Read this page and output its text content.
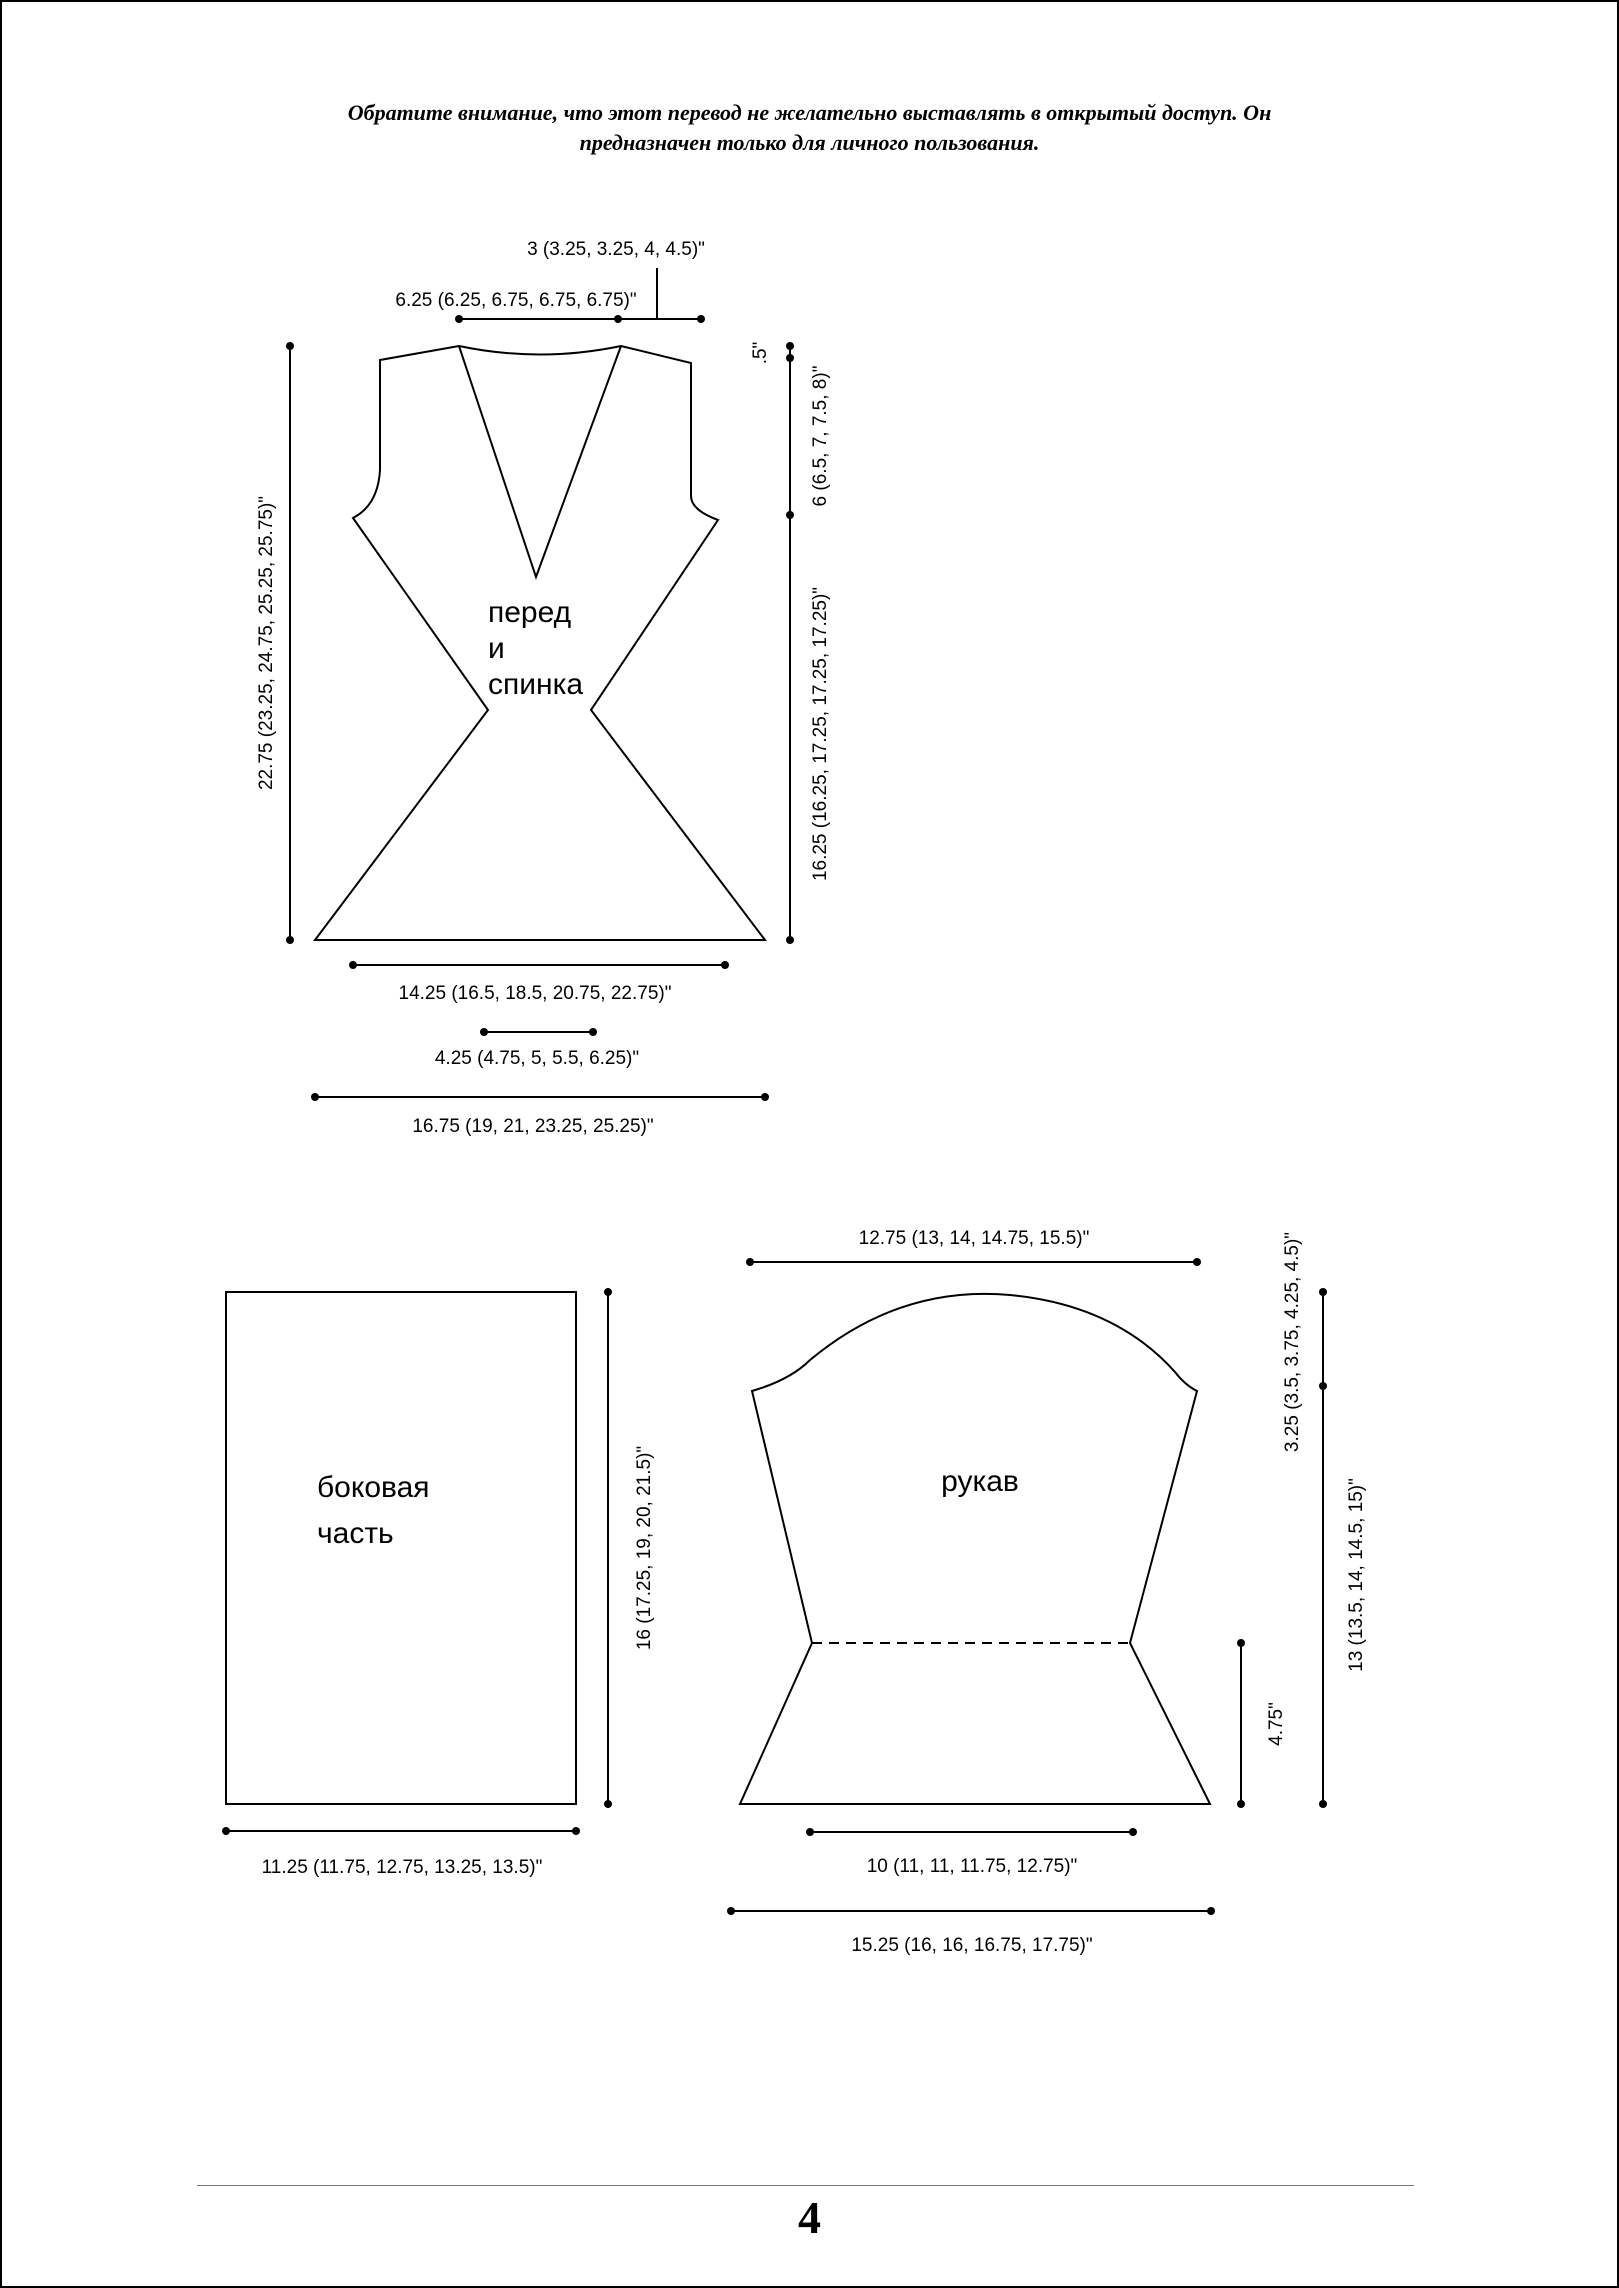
Обратите внимание, что этот перевод не желательно выставлять в открытый доступ. Он
предназначен только для личного пользования.
3 (3.25, 3.25, 4, 4.5)"
6.25 (6.25, 6.75, 6.75, 6.75)"
22.75 (23.25, 24.75, 25.25, 25.75)"
.5"
6 (6.5, 7, 7.5, 8)"
16.25 (16.25, 17.25, 17.25, 17.25)"
14.25 (16.5, 18.5, 20.75, 22.75)"
4.25 (4.75, 5, 5.5, 6.25)"
16.75 (19, 21, 23.25, 25.25)"
перед
и
спинка
боковая
часть	16 (17.25, 19, 20, 21.5)"
11.25 (11.75, 12.75, 13.25, 13.5)"
рукав
12.75 (13, 14, 14.75, 15.5)"	3.25 (3.5, 3.75, 4.25, 4.5)"
13 (13.5, 14, 14.5, 15)"
4.75"
10 (11, 11, 11.75, 12.75)"
15.25 (16, 16, 16.75, 17.75)"
4
